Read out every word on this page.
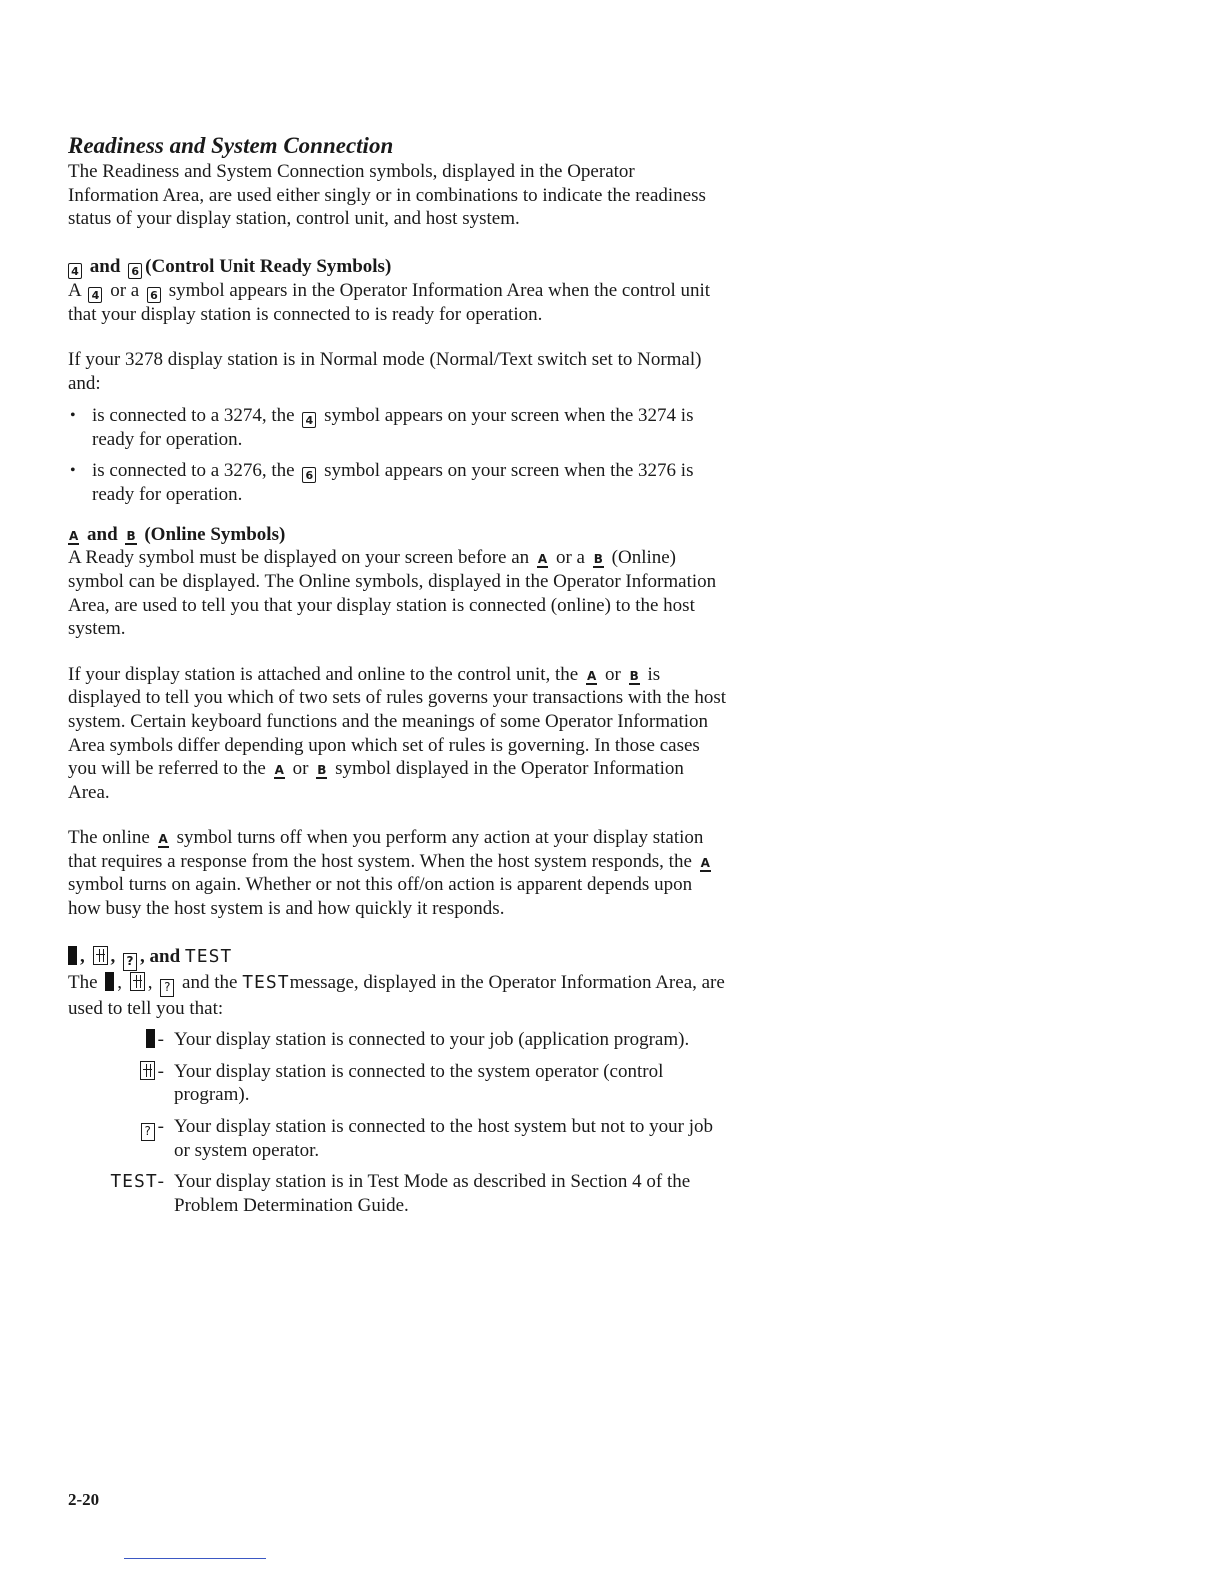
Readiness and System Connection

The Readiness and System Connection symbols, displayed in the Operator Information Area, are used either singly or in combinations to indicate the readiness status of your display station, control unit, and host system.

4 and 6 (Control Unit Ready Symbols)

A 4 or a 6 symbol appears in the Operator Information Area when the control unit that your display station is connected to is ready for operation.

If your 3278 display station is in Normal mode (Normal/Text switch set to Normal) and:

• is connected to a 3274, the 4 symbol appears on your screen when the 3274 is ready for operation.
• is connected to a 3276, the 6 symbol appears on your screen when the 3276 is ready for operation.

A and B (Online Symbols)

A Ready symbol must be displayed on your screen before an A or a B (Online) symbol can be displayed. The Online symbols, displayed in the Operator Information Area, are used to tell you that your display station is connected (online) to the host system.

If your display station is attached and online to the control unit, the A or B is displayed to tell you which of two sets of rules governs your transactions with the host system. Certain keyboard functions and the meanings of some Operator Information Area symbols differ depending upon which set of rules is governing. In those cases you will be referred to the A or B symbol displayed in the Operator Information Area.

The online A symbol turns off when you perform any action at your display station that requires a response from the host system. When the host system responds, the A symbol turns on again. Whether or not this off/on action is apparent depends upon how busy the host system is and how quickly it responds.

, , ? , and TEST

The , , ? and the TESTmessage, displayed in the Operator Information Area, are used to tell you that:

- Your display station is connected to your job (application program).
- Your display station is connected to the system operator (control program).
? - Your display station is connected to the host system but not to your job or system operator.
TEST- Your display station is in Test Mode as described in Section 4 of the Problem Determination Guide.
2-20
